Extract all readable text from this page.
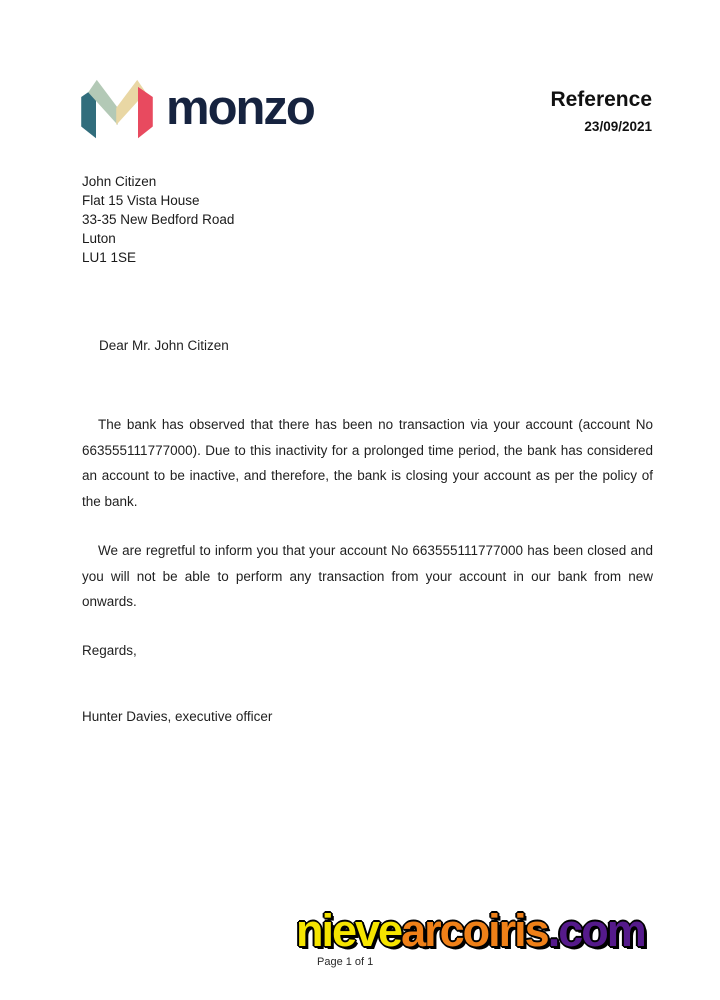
monzo	Reference
23/09/2021
John Citizen
Flat 15 Vista House
33-35 New Bedford Road
Luton
LU1 1SE
Dear Mr. John Citizen
The bank has observed that there has been no transaction via your account (account No 663555111777000). Due to this inactivity for a prolonged time period, the bank has considered an account to be inactive, and therefore, the bank is closing your account as per the policy of the bank.
We are regretful to inform you that your account No 663555111777000 has been closed and you will not be able to perform any transaction from your account in our bank from new onwards.
Regards,
Hunter Davies, executive officer
nievearcoiris.com
Page 1 of 1
